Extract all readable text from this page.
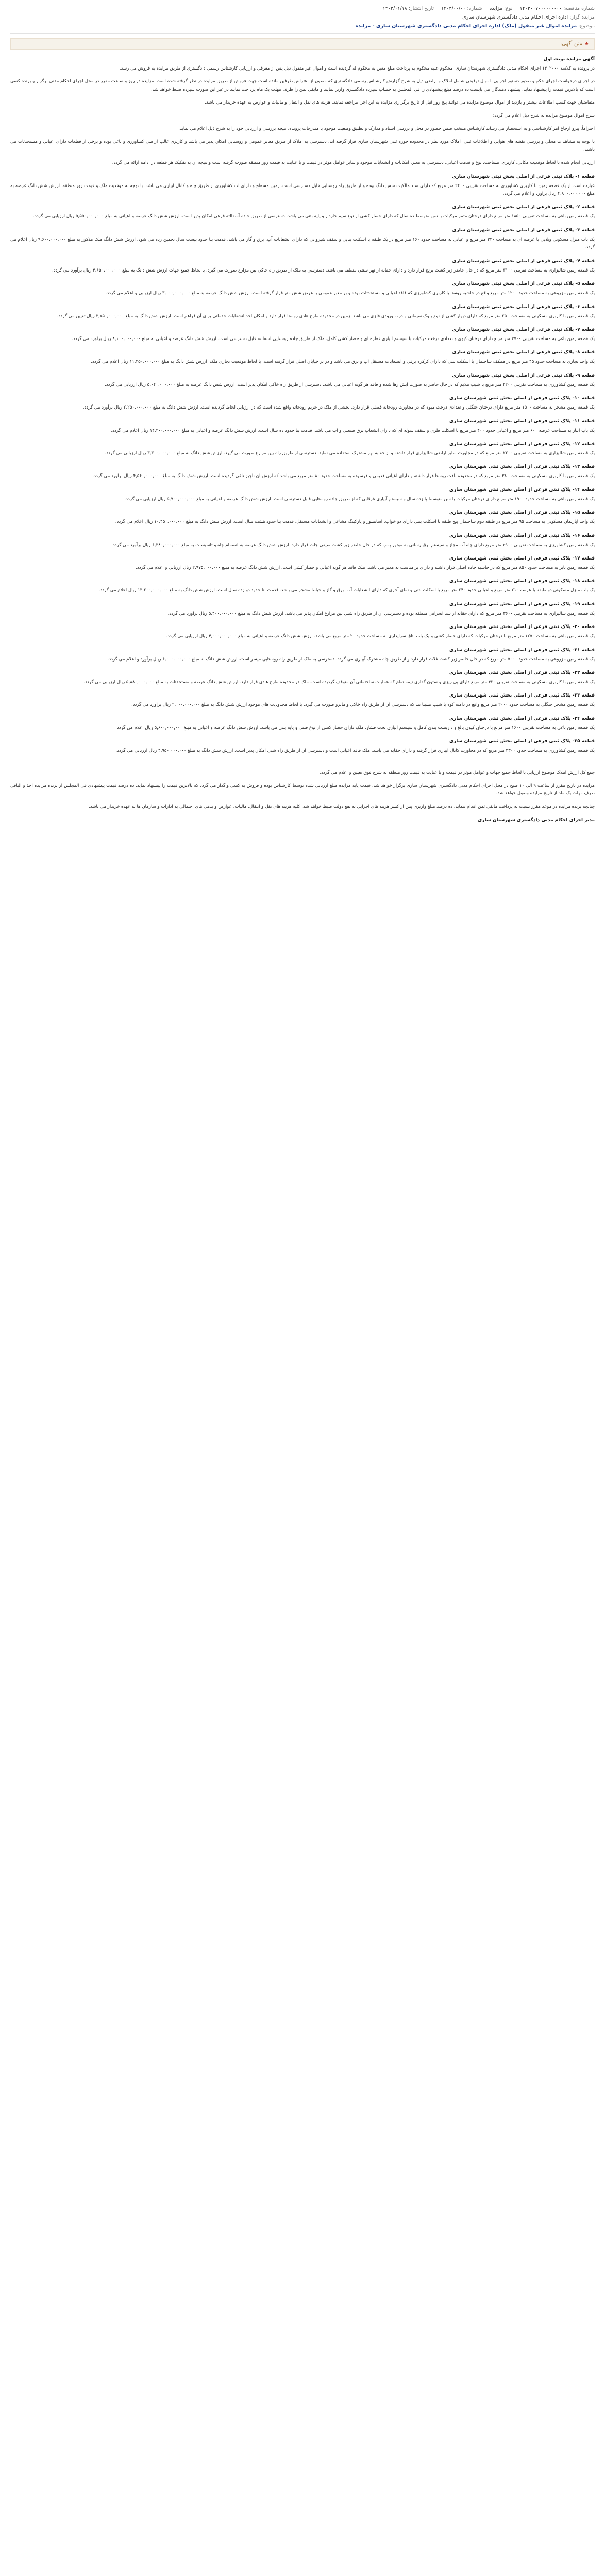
شماره مناقصه: ۱۴۰۳۰۰۷۰۰۰۰۰۰۰۰۰
نوع: مزایده
شماره: ۱۴۰۳/۰۰/۰۰
تاریخ انتشار: ۱۴۰۳/۰۱/۱۸
مزایده گزار: اداره اجرای احکام مدنی دادگستری شهرستان ساری
موضوع: مزایده اموال غیر منقول (ملک) اداره اجرای احکام مدنی دادگستری شهرستان ساری - مزایده
★متن آگهی:

آگهی مزایده نوبت اول

در پرونده به کلاسه ۱۴۰۲۰۰۰ اجرای احکام مدنی دادگستری شهرستان ساری، محکوم علیه محکوم به پرداخت مبلغ معین به محکوم له گردیده است و اموال غیر منقول ذیل پس از معرفی و ارزیابی کارشناس رسمی دادگستری از طریق مزایده به فروش می رسد.

در اجرای درخواست اجرای حکم و صدور دستور اجرایی، اموال توقیفی شامل املاک و اراضی ذیل به شرح گزارش کارشناس رسمی دادگستری که مصون از اعتراض طرفین مانده است جهت فروش از طریق مزایده در نظر گرفته شده است. مزایده در روز و ساعت مقرر در محل اجرای احکام مدنی برگزار و برنده کسی است که بالاترین قیمت را پیشنهاد نماید. پیشنهاد دهندگان می بایست ده درصد مبلغ پیشنهادی را فی المجلس به حساب سپرده دادگستری واریز نمایند و مابقی ثمن را ظرف مهلت یک ماه پرداخت نمایند در غیر این صورت سپرده ضبط خواهد شد.

متقاضیان جهت کسب اطلاعات بیشتر و بازدید از اموال موضوع مزایده می توانند پنج روز قبل از تاریخ برگزاری مزایده به این اجرا مراجعه نمایند. هزینه های نقل و انتقال و مالیات و عوارض به عهده خریدار می باشد.

شرح اموال موضوع مزایده به شرح ذیل اعلام می گردد:

احتراماً، پیرو ارجاع امر کارشناسی و به استحضار می رساند کارشناس منتخب ضمن حضور در محل و بررسی اسناد و مدارک و تطبیق وضعیت موجود با مندرجات پرونده، نتیجه بررسی و ارزیابی خود را به شرح ذیل اعلام می نماید.

با توجه به مشاهدات محلی و بررسی نقشه های هوایی و اطلاعات ثبتی، املاک مورد نظر در محدوده حوزه ثبتی شهرستان ساری قرار گرفته اند. دسترسی به املاک از طریق معابر عمومی و روستایی امکان پذیر می باشد و کاربری غالب اراضی کشاورزی و باغی بوده و برخی از قطعات دارای اعیانی و مستحدثات می باشند.

ارزیابی انجام شده با لحاظ موقعیت مکانی، کاربری، مساحت، نوع و قدمت اعیانی، دسترسی به معبر، امکانات و انشعابات موجود و سایر عوامل موثر در قیمت و با عنایت به قیمت روز منطقه صورت گرفته است و نتیجه آن به تفکیک هر قطعه در ادامه ارائه می گردد.

قطعه ۱- پلاک ثبتی فرعی از اصلی بخش ثبتی شهرستان ساری

عبارت است از یک قطعه زمین با کاربری کشاورزی به مساحت تقریبی ۲۴۰۰ متر مربع که دارای سند مالکیت شش دانگ بوده و از طریق راه روستایی قابل دسترسی است. زمین مسطح و دارای آب کشاورزی از طریق چاه و کانال آبیاری می باشد. با توجه به موقعیت ملک و قیمت روز منطقه، ارزش شش دانگ عرصه به مبلغ ۴,۸۰۰,۰۰۰,۰۰۰ ریال برآورد و اعلام می گردد.

قطعه ۲- پلاک ثبتی فرعی از اصلی بخش ثبتی شهرستان ساری

یک قطعه زمین باغی به مساحت تقریبی ۱۸۵۰ متر مربع دارای درختان مثمر مرکبات با سن متوسط ده سال که دارای حصار کشی از نوع سیم خاردار و پایه بتنی می باشد. دسترسی از طریق جاده آسفالته فرعی امکان پذیر است. ارزش شش دانگ عرصه و اعیانی به مبلغ ۵,۵۵۰,۰۰۰,۰۰۰ ریال ارزیابی می گردد.

قطعه ۳- پلاک ثبتی فرعی از اصلی بخش ثبتی شهرستان ساری

یک باب منزل مسکونی ویلایی با عرصه ای به مساحت ۳۲۰ متر مربع و اعیانی به مساحت حدود ۱۶۰ متر مربع در یک طبقه با اسکلت بنایی و سقف شیروانی که دارای انشعابات آب، برق و گاز می باشد. قدمت بنا حدود بیست سال تخمین زده می شود. ارزش شش دانگ ملک مذکور به مبلغ ۹,۶۰۰,۰۰۰,۰۰۰ ریال اعلام می گردد.

قطعه ۴- پلاک ثبتی فرعی از اصلی بخش ثبتی شهرستان ساری

یک قطعه زمین شالیزاری به مساحت تقریبی ۳۱۰۰ متر مربع که در حال حاضر زیر کشت برنج قرار دارد و دارای حقابه از نهر سنتی منطقه می باشد. دسترسی به ملک از طریق راه خاکی بین مزارع صورت می گیرد. با لحاظ جمیع جهات ارزش شش دانگ به مبلغ ۴,۶۵۰,۰۰۰,۰۰۰ ریال برآورد می گردد.

قطعه ۵- پلاک ثبتی فرعی از اصلی بخش ثبتی شهرستان ساری

یک قطعه زمین مزروعی به مساحت حدود ۱۲۰۰ متر مربع واقع در حاشیه روستا با کاربری کشاورزی که فاقد اعیانی و مستحدثات بوده و بر معبر عمومی با عرض شش متر قرار گرفته است. ارزش شش دانگ عرصه به مبلغ ۳,۰۰۰,۰۰۰,۰۰۰ ریال ارزیابی و اعلام می گردد.

قطعه ۶- پلاک ثبتی فرعی از اصلی بخش ثبتی شهرستان ساری

یک قطعه زمین با کاربری مسکونی به مساحت ۲۵۰ متر مربع که دارای دیوار کشی از نوع بلوک سیمانی و درب ورودی فلزی می باشد. زمین در محدوده طرح هادی روستا قرار دارد و امکان اخذ انشعابات خدماتی برای آن فراهم است. ارزش شش دانگ به مبلغ ۳,۷۵۰,۰۰۰,۰۰۰ ریال تعیین می گردد.

قطعه ۷- پلاک ثبتی فرعی از اصلی بخش ثبتی شهرستان ساری

یک قطعه زمین باغی به مساحت تقریبی ۲۷۰۰ متر مربع دارای درختان کیوی و تعدادی درخت مرکبات با سیستم آبیاری قطره ای و حصار کشی کامل. ملک از طریق جاده روستایی آسفالته قابل دسترسی است. ارزش شش دانگ عرصه و اعیانی به مبلغ ۸,۱۰۰,۰۰۰,۰۰۰ ریال برآورد می گردد.

قطعه ۸- پلاک ثبتی فرعی از اصلی بخش ثبتی شهرستان ساری

یک واحد تجاری به مساحت حدود ۴۵ متر مربع در همکف ساختمان با اسکلت بتنی که دارای کرکره برقی و انشعابات مستقل آب و برق می باشد و در بر خیابان اصلی قرار گرفته است. با لحاظ موقعیت تجاری ملک، ارزش شش دانگ به مبلغ ۱۱,۲۵۰,۰۰۰,۰۰۰ ریال اعلام می گردد.

قطعه ۹- پلاک ثبتی فرعی از اصلی بخش ثبتی شهرستان ساری

یک قطعه زمین کشاورزی به مساحت تقریبی ۴۲۰۰ متر مربع با شیب ملایم که در حال حاضر به صورت آیش رها شده و فاقد هر گونه اعیانی می باشد. دسترسی از طریق راه خاکی امکان پذیر است. ارزش شش دانگ عرصه به مبلغ ۵,۰۴۰,۰۰۰,۰۰۰ ریال ارزیابی می گردد.

قطعه ۱۰- پلاک ثبتی فرعی از اصلی بخش ثبتی شهرستان ساری

یک قطعه زمین مشجر به مساحت ۱۵۰۰ متر مربع دارای درختان جنگلی و تعدادی درخت میوه که در مجاورت رودخانه فصلی قرار دارد. بخشی از ملک در حریم رودخانه واقع شده است که در ارزیابی لحاظ گردیده است. ارزش شش دانگ به مبلغ ۲,۲۵۰,۰۰۰,۰۰۰ ریال برآورد می گردد.

قطعه ۱۱- پلاک ثبتی فرعی از اصلی بخش ثبتی شهرستان ساری

یک باب انبار به مساحت عرصه ۶۰۰ متر مربع و اعیانی حدود ۴۰۰ متر مربع با اسکلت فلزی و سقف سوله ای که دارای انشعاب برق صنعتی و آب می باشد. قدمت بنا حدود ده سال است. ارزش شش دانگ عرصه و اعیانی به مبلغ ۱۴,۴۰۰,۰۰۰,۰۰۰ ریال اعلام می گردد.

قطعه ۱۲- پلاک ثبتی فرعی از اصلی بخش ثبتی شهرستان ساری

یک قطعه زمین شالیزاری به مساحت تقریبی ۲۲۰۰ متر مربع که در مجاورت سایر اراضی شالیزاری قرار داشته و از حقابه نهر مشترک استفاده می نماید. دسترسی از طریق راه بین مزارع صورت می گیرد. ارزش شش دانگ به مبلغ ۳,۳۰۰,۰۰۰,۰۰۰ ریال ارزیابی می گردد.

قطعه ۱۳- پلاک ثبتی فرعی از اصلی بخش ثبتی شهرستان ساری

یک قطعه زمین با کاربری مسکونی به مساحت ۳۸۰ متر مربع که در محدوده بافت روستا قرار داشته و دارای اعیانی قدیمی و فرسوده به مساحت حدود ۸۰ متر مربع می باشد که ارزش آن ناچیز تلقی گردیده است. ارزش شش دانگ به مبلغ ۴,۵۶۰,۰۰۰,۰۰۰ ریال برآورد می گردد.

قطعه ۱۴- پلاک ثبتی فرعی از اصلی بخش ثبتی شهرستان ساری

یک قطعه زمین باغی به مساحت حدود ۱۹۰۰ متر مربع دارای درختان مرکبات با سن متوسط پانزده سال و سیستم آبیاری غرقابی که از طریق جاده روستایی قابل دسترسی است. ارزش شش دانگ عرصه و اعیانی به مبلغ ۵,۷۰۰,۰۰۰,۰۰۰ ریال ارزیابی می گردد.

قطعه ۱۵- پلاک ثبتی فرعی از اصلی بخش ثبتی شهرستان ساری

یک واحد آپارتمان مسکونی به مساحت ۹۵ متر مربع در طبقه دوم ساختمان پنج طبقه با اسکلت بتنی دارای دو خواب، آسانسور و پارکینگ مشاعی و انشعابات مستقل. قدمت بنا حدود هشت سال است. ارزش شش دانگ به مبلغ ۱۰,۴۵۰,۰۰۰,۰۰۰ ریال اعلام می گردد.

قطعه ۱۶- پلاک ثبتی فرعی از اصلی بخش ثبتی شهرستان ساری

یک قطعه زمین کشاورزی به مساحت تقریبی ۲۹۰۰ متر مربع دارای چاه آب مجاز و سیستم برق رسانی به موتور پمپ که در حال حاضر زیر کشت صیفی جات قرار دارد. ارزش شش دانگ عرصه به انضمام چاه و تاسیسات به مبلغ ۶,۳۸۰,۰۰۰,۰۰۰ ریال برآورد می گردد.

قطعه ۱۷- پلاک ثبتی فرعی از اصلی بخش ثبتی شهرستان ساری

یک قطعه زمین بایر به مساحت حدود ۸۵۰ متر مربع که در حاشیه جاده اصلی قرار داشته و دارای بر مناسب به معبر می باشد. ملک فاقد هر گونه اعیانی و حصار کشی است. ارزش شش دانگ عرصه به مبلغ ۲,۹۷۵,۰۰۰,۰۰۰ ریال ارزیابی و اعلام می گردد.

قطعه ۱۸- پلاک ثبتی فرعی از اصلی بخش ثبتی شهرستان ساری

یک باب منزل مسکونی دو طبقه با عرصه ۲۱۰ متر مربع و اعیانی حدود ۲۴۰ متر مربع با اسکلت بتنی و نمای آجری که دارای انشعابات آب، برق و گاز و حیاط مشجر می باشد. قدمت بنا حدود دوازده سال است. ارزش شش دانگ به مبلغ ۱۳,۲۰۰,۰۰۰,۰۰۰ ریال اعلام می گردد.

قطعه ۱۹- پلاک ثبتی فرعی از اصلی بخش ثبتی شهرستان ساری

یک قطعه زمین شالیزاری به مساحت تقریبی ۳۶۰۰ متر مربع که دارای حقابه از سد انحرافی منطقه بوده و دسترسی آن از طریق راه شنی بین مزارع امکان پذیر می باشد. ارزش شش دانگ به مبلغ ۵,۴۰۰,۰۰۰,۰۰۰ ریال برآورد می گردد.

قطعه ۲۰- پلاک ثبتی فرعی از اصلی بخش ثبتی شهرستان ساری

یک قطعه زمین باغی به مساحت ۱۲۵۰ متر مربع با درختان مرکبات که دارای حصار کشی و یک باب اتاق سرایداری به مساحت حدود ۲۰ متر مربع می باشد. ارزش شش دانگ عرصه و اعیانی به مبلغ ۴,۰۰۰,۰۰۰,۰۰۰ ریال ارزیابی می گردد.

قطعه ۲۱- پلاک ثبتی فرعی از اصلی بخش ثبتی شهرستان ساری

یک قطعه زمین مزروعی به مساحت حدود ۵۰۰۰ متر مربع که در حال حاضر زیر کشت غلات قرار دارد و از طریق چاه مشترک آبیاری می گردد. دسترسی به ملک از طریق راه روستایی میسر است. ارزش شش دانگ به مبلغ ۶,۰۰۰,۰۰۰,۰۰۰ ریال برآورد و اعلام می گردد.

قطعه ۲۲- پلاک ثبتی فرعی از اصلی بخش ثبتی شهرستان ساری

یک قطعه زمین با کاربری مسکونی به مساحت تقریبی ۴۲۰ متر مربع دارای پی ریزی و ستون گذاری نیمه تمام که عملیات ساختمانی آن متوقف گردیده است. ملک در محدوده طرح هادی قرار دارد. ارزش شش دانگ عرصه و مستحدثات به مبلغ ۵,۸۸۰,۰۰۰,۰۰۰ ریال ارزیابی می گردد.

قطعه ۲۳- پلاک ثبتی فرعی از اصلی بخش ثبتی شهرستان ساری

یک قطعه زمین مشجر جنگلی به مساحت حدود ۲۰۰۰ متر مربع واقع در دامنه کوه با شیب نسبتا تند که دسترسی آن از طریق راه خاکی و مالرو صورت می گیرد. با لحاظ محدودیت های موجود ارزش شش دانگ به مبلغ ۲,۰۰۰,۰۰۰,۰۰۰ ریال برآورد می گردد.

قطعه ۲۴- پلاک ثبتی فرعی از اصلی بخش ثبتی شهرستان ساری

یک قطعه زمین باغی به مساحت تقریبی ۱۶۰۰ متر مربع با درختان کیوی بالغ و داربست بندی کامل و سیستم آبیاری تحت فشار. ملک دارای حصار کشی از نوع فنس و پایه بتنی می باشد. ارزش شش دانگ عرصه و اعیانی به مبلغ ۵,۶۰۰,۰۰۰,۰۰۰ ریال اعلام می گردد.

قطعه ۲۵- پلاک ثبتی فرعی از اصلی بخش ثبتی شهرستان ساری

یک قطعه زمین کشاورزی به مساحت حدود ۳۳۰۰ متر مربع که در مجاورت کانال آبیاری قرار گرفته و دارای حقابه می باشد. ملک فاقد اعیانی است و دسترسی آن از طریق راه شنی امکان پذیر است. ارزش شش دانگ به مبلغ ۴,۹۵۰,۰۰۰,۰۰۰ ریال ارزیابی می گردد.

جمع کل ارزش املاک موضوع ارزیابی با لحاظ جمیع جهات و عوامل موثر در قیمت و با عنایت به قیمت روز منطقه به شرح فوق تعیین و اعلام می گردد.

مزایده در تاریخ مقرر از ساعت ۹ الی ۱۰ صبح در محل اجرای احکام مدنی دادگستری شهرستان ساری برگزار خواهد شد. قیمت پایه مزایده مبلغ ارزیابی شده توسط کارشناس بوده و فروش به کسی واگذار می گردد که بالاترین قیمت را پیشنهاد نماید. ده درصد قیمت پیشنهادی فی المجلس از برنده مزایده اخذ و الباقی ظرف مهلت یک ماه از تاریخ مزایده وصول خواهد شد.

چنانچه برنده مزایده در موعد مقرر نسبت به پرداخت مابقی ثمن اقدام ننماید، ده درصد مبلغ واریزی پس از کسر هزینه های اجرایی به نفع دولت ضبط خواهد شد. کلیه هزینه های نقل و انتقال، مالیات، عوارض و بدهی های احتمالی به ادارات و سازمان ها به عهده خریدار می باشد.

مدیر اجرای احکام مدنی دادگستری شهرستان ساری
